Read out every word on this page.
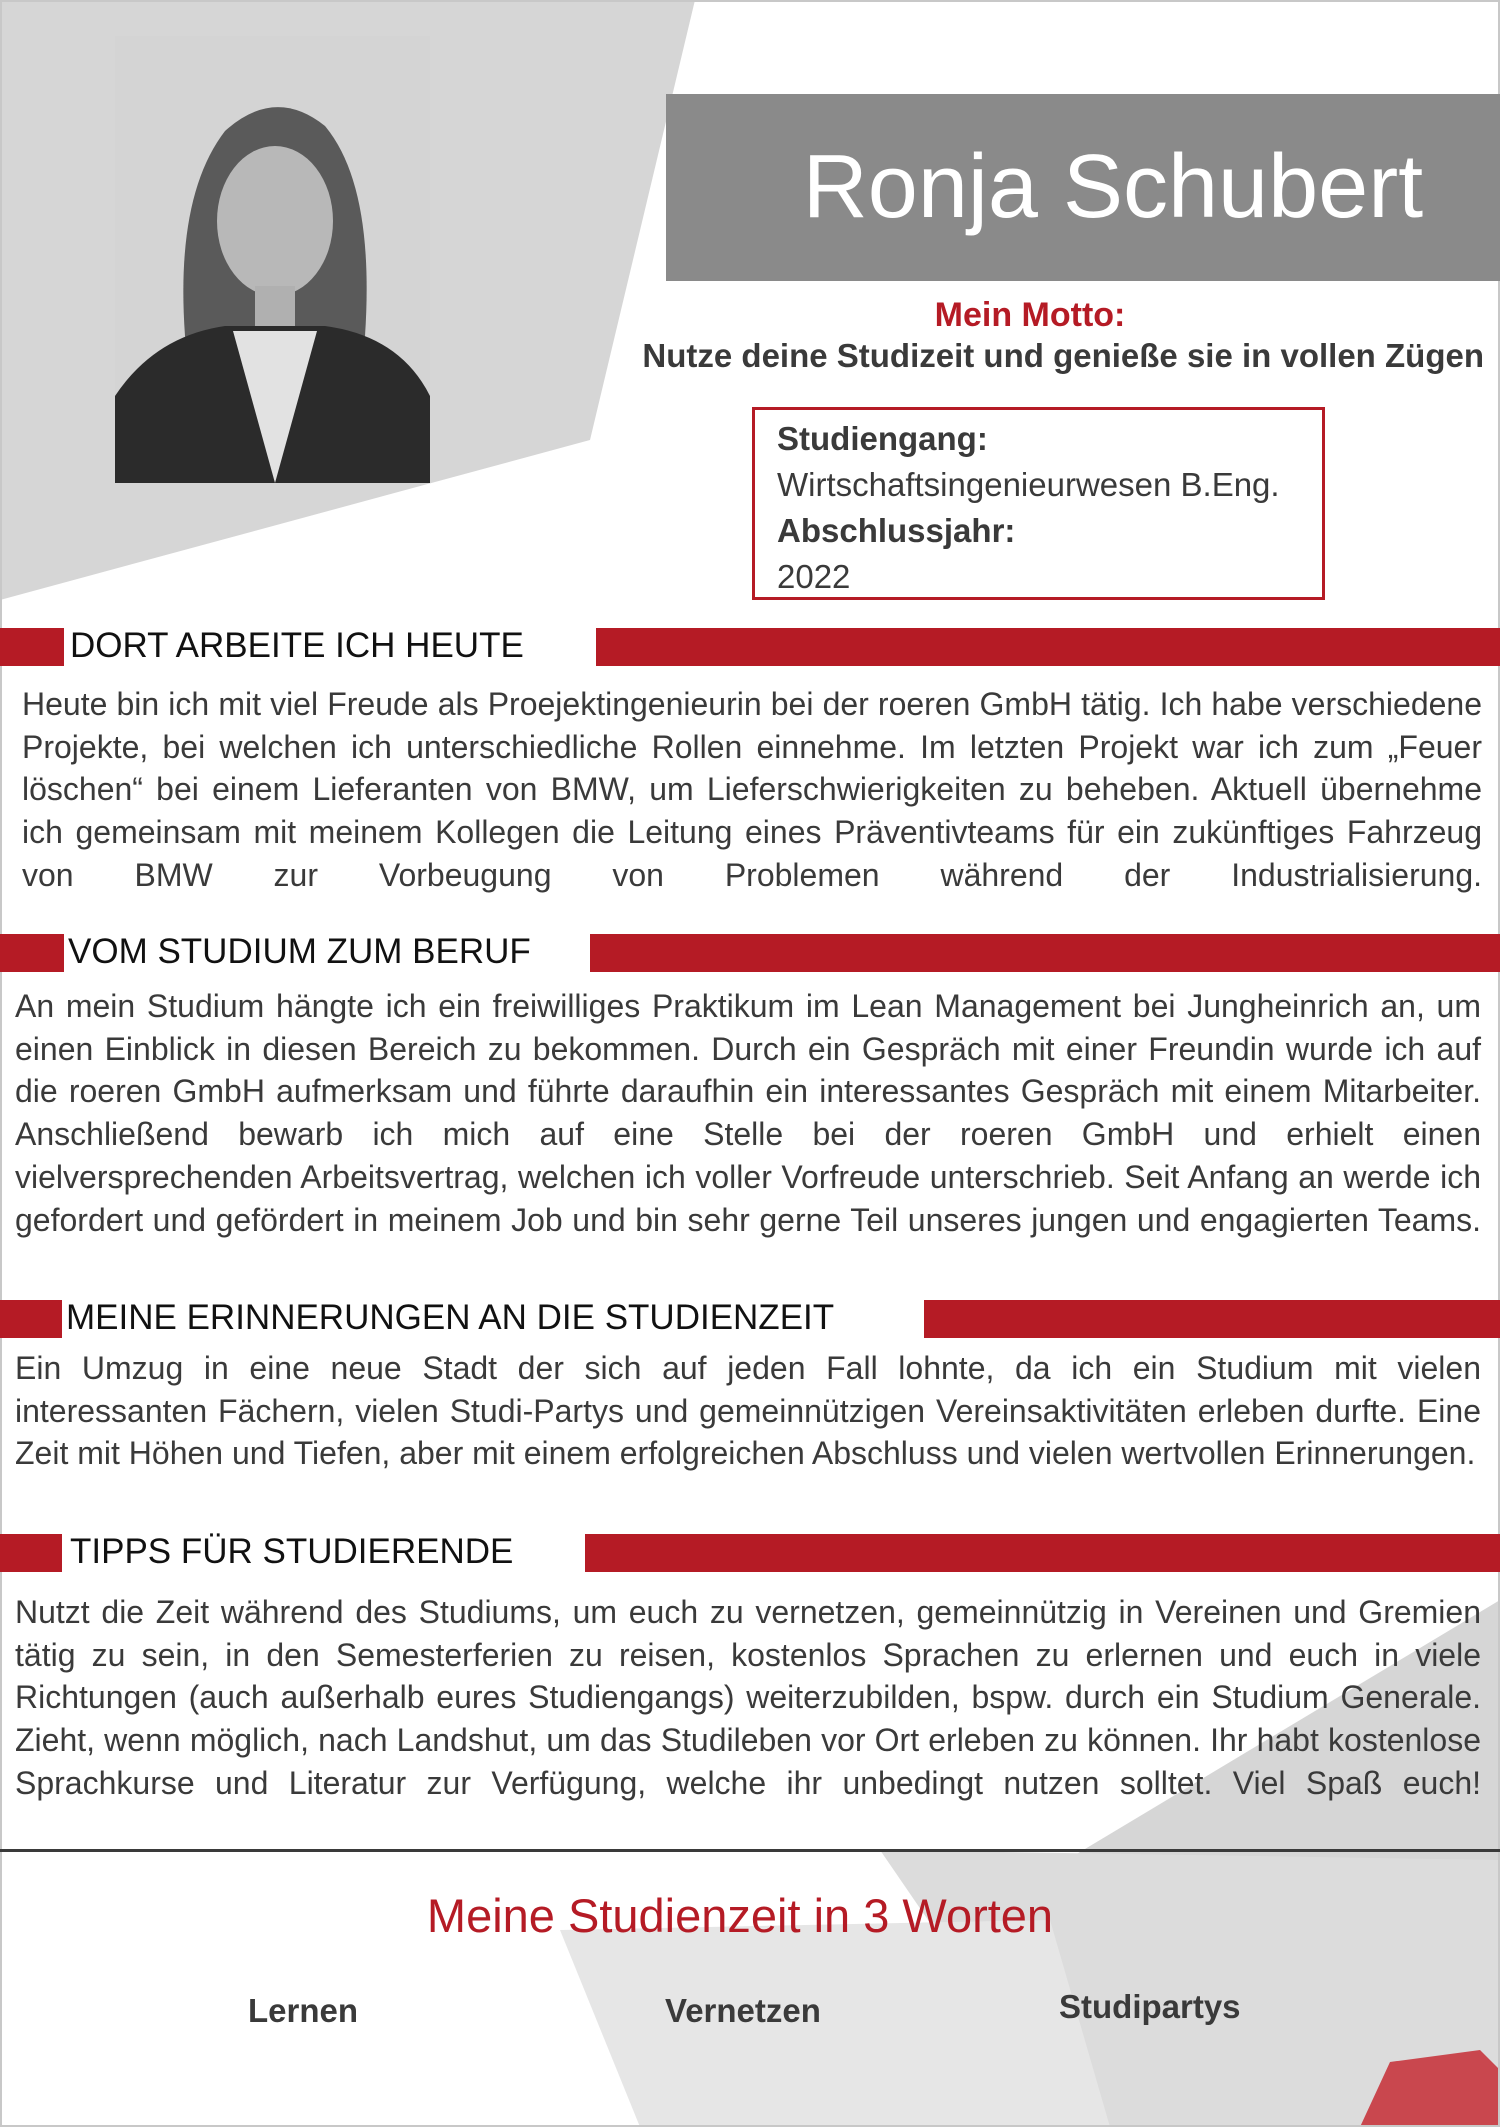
Ronja Schubert
Mein Motto:
Nutze deine Studizeit und genieße sie in vollen Zügen
Studiengang:
Wirtschaftsingenieurwesen B.Eng.
Abschlussjahr:
2022
DORT ARBEITE ICH HEUTE
Heute bin ich mit viel Freude als Proejektingenieurin bei der roeren GmbH tätig. Ich habe verschiedene Projekte, bei welchen ich unterschiedliche Rollen einnehme. Im letzten Projekt war ich zum „Feuer löschen“ bei einem Lieferanten von BMW, um Lieferschwierigkeiten zu beheben. Aktuell übernehme ich gemeinsam mit meinem Kollegen die Leitung eines Präventivteams für ein zukünftiges Fahrzeug von BMW zur Vorbeugung von Problemen während der Industrialisierung.
VOM STUDIUM ZUM BERUF
An mein Studium hängte ich ein freiwilliges Praktikum im Lean Management bei Jungheinrich an, um einen Einblick in diesen Bereich zu bekommen. Durch ein Gespräch mit einer Freundin wurde ich auf die roeren GmbH aufmerksam und führte daraufhin ein interessantes Gespräch mit einem Mitarbeiter. Anschließend bewarb ich mich auf eine Stelle bei der roeren GmbH und erhielt einen vielversprechenden Arbeitsvertrag, welchen ich voller Vorfreude unterschrieb. Seit Anfang an werde ich gefordert und gefördert in meinem Job und bin sehr gerne Teil unseres jungen und engagierten Teams.
MEINE ERINNERUNGEN AN DIE STUDIENZEIT
Ein Umzug in eine neue Stadt der sich auf jeden Fall lohnte, da ich ein Studium mit vielen interessanten Fächern, vielen Studi-Partys und gemeinnützigen Vereinsaktivitäten erleben durfte. Eine Zeit mit Höhen und Tiefen, aber mit einem erfolgreichen Abschluss und vielen wertvollen Erinnerungen.
TIPPS FÜR STUDIERENDE
Nutzt die Zeit während des Studiums, um euch zu vernetzen, gemeinnützig in Vereinen und Gremien tätig zu sein, in den Semesterferien zu reisen, kostenlos Sprachen zu erlernen und euch in viele Richtungen (auch außerhalb eures Studiengangs) weiterzubilden, bspw. durch ein Studium Generale. Zieht, wenn möglich, nach Landshut, um das Studileben vor Ort erleben zu können. Ihr habt kostenlose Sprachkurse und Literatur zur Verfügung, welche ihr unbedingt nutzen solltet. Viel Spaß euch!
Meine Studienzeit in 3 Worten
Lernen	Vernetzen	Studipartys
